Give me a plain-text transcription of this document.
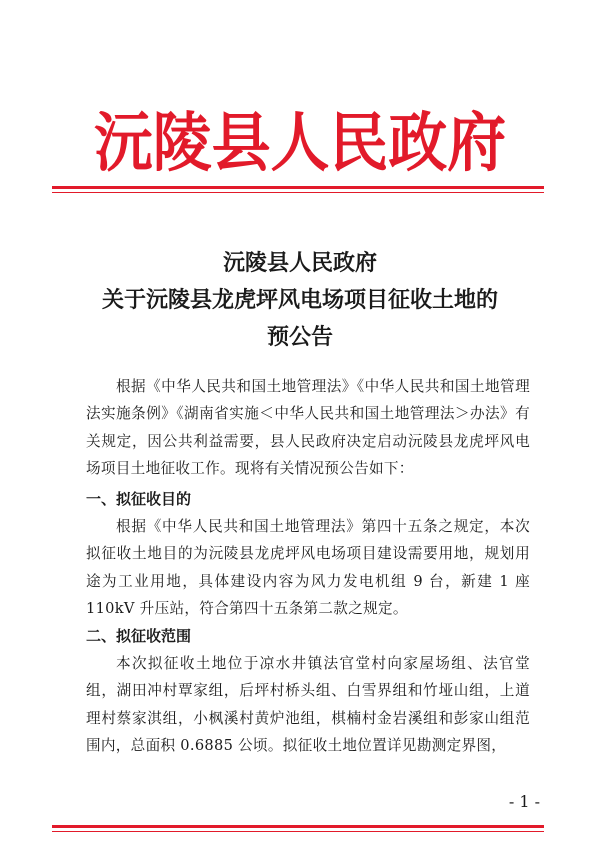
沅陵县人民政府
沅陵县人民政府
关于沅陵县龙虎坪风电场项目征收土地的
预公告
根据《中华人民共和国土地管理法》《中华人民共和国土地管理法实施条例》《湖南省实施＜中华人民共和国土地管理法＞办法》有关规定，因公共利益需要，县人民政府决定启动沅陵县龙虎坪风电场项目土地征收工作。现将有关情况预公告如下：
一、拟征收目的
根据《中华人民共和国土地管理法》第四十五条之规定，本次拟征收土地目的为沅陵县龙虎坪风电场项目建设需要用地，规划用途为工业用地，具体建设内容为风力发电机组 9 台，新建 1 座 110kV 升压站，符合第四十五条第二款之规定。
二、拟征收范围
本次拟征收土地位于凉水井镇法官堂村向家屋场组、法官堂组，湖田冲村覃家组，后坪村桥头组、白雪界组和竹垭山组，上道理村蔡家淇组，小枫溪村黄炉池组，棋楠村金岩溪组和彭家山组范围内，总面积 0.6885 公顷。拟征收土地位置详见勘测定界图，
- 1 -
